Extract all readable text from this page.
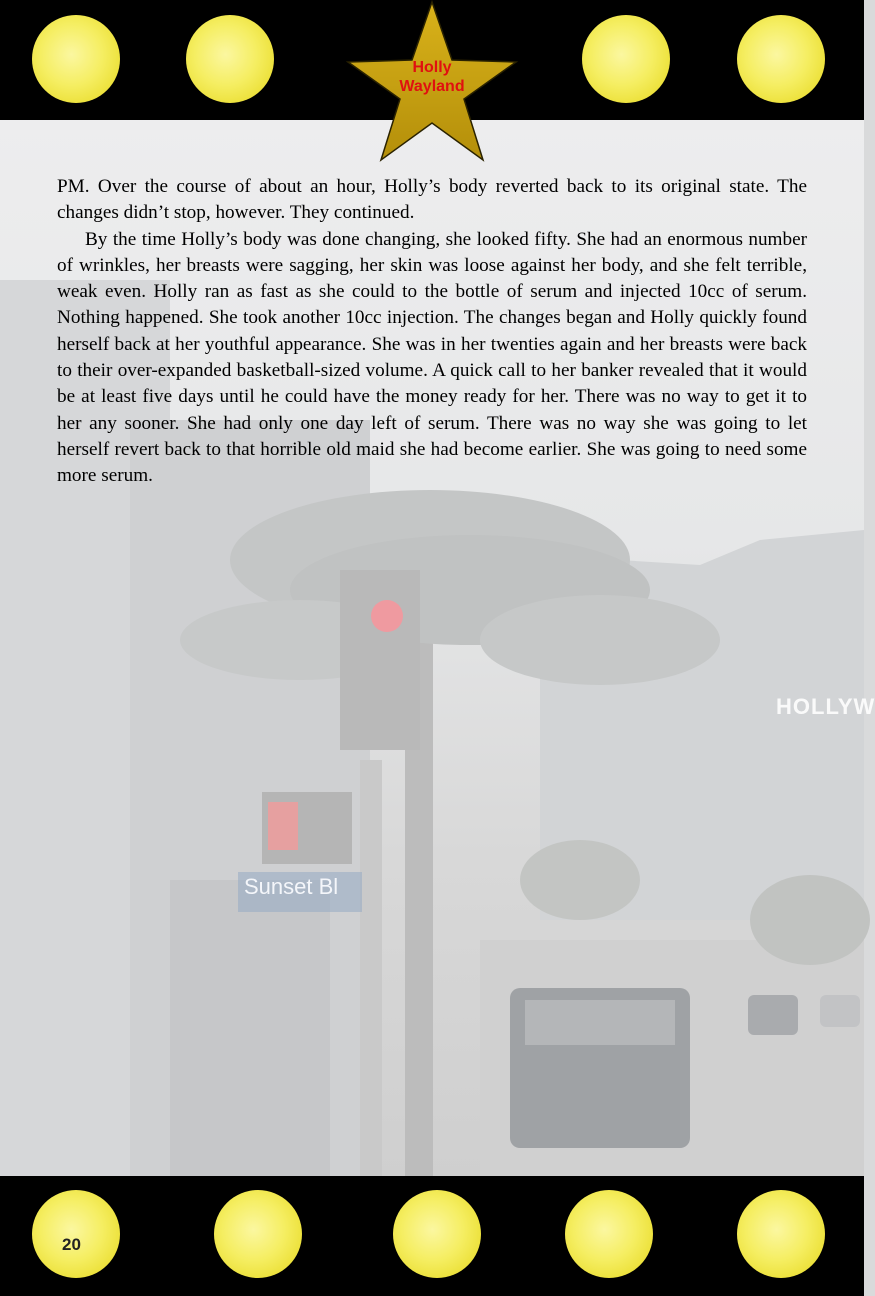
HOLLYW
Sunset Bl
Holly
Wayland

PM. Over the course of about an hour, Holly’s body reverted back to its original state. The changes didn’t stop, however. They continued.

By the time Holly’s body was done changing, she looked fifty. She had an enormous number of wrinkles, her breasts were sagging, her skin was loose against her body, and she felt terrible, weak even. Holly ran as fast as she could to the bottle of serum and injected 10cc of serum. Nothing happened. She took another 10cc injection. The changes began and Holly quickly found herself back at her youthful appearance. She was in her twenties again and her breasts were back to their over-expanded basketball-sized volume. A quick call to her banker revealed that it would be at least five days until he could have the money ready for her. There was no way to get it to her any sooner. She had only one day left of serum. There was no way she was going to let herself revert back to that horrible old maid she had become earlier. She was going to need some more serum.

20
